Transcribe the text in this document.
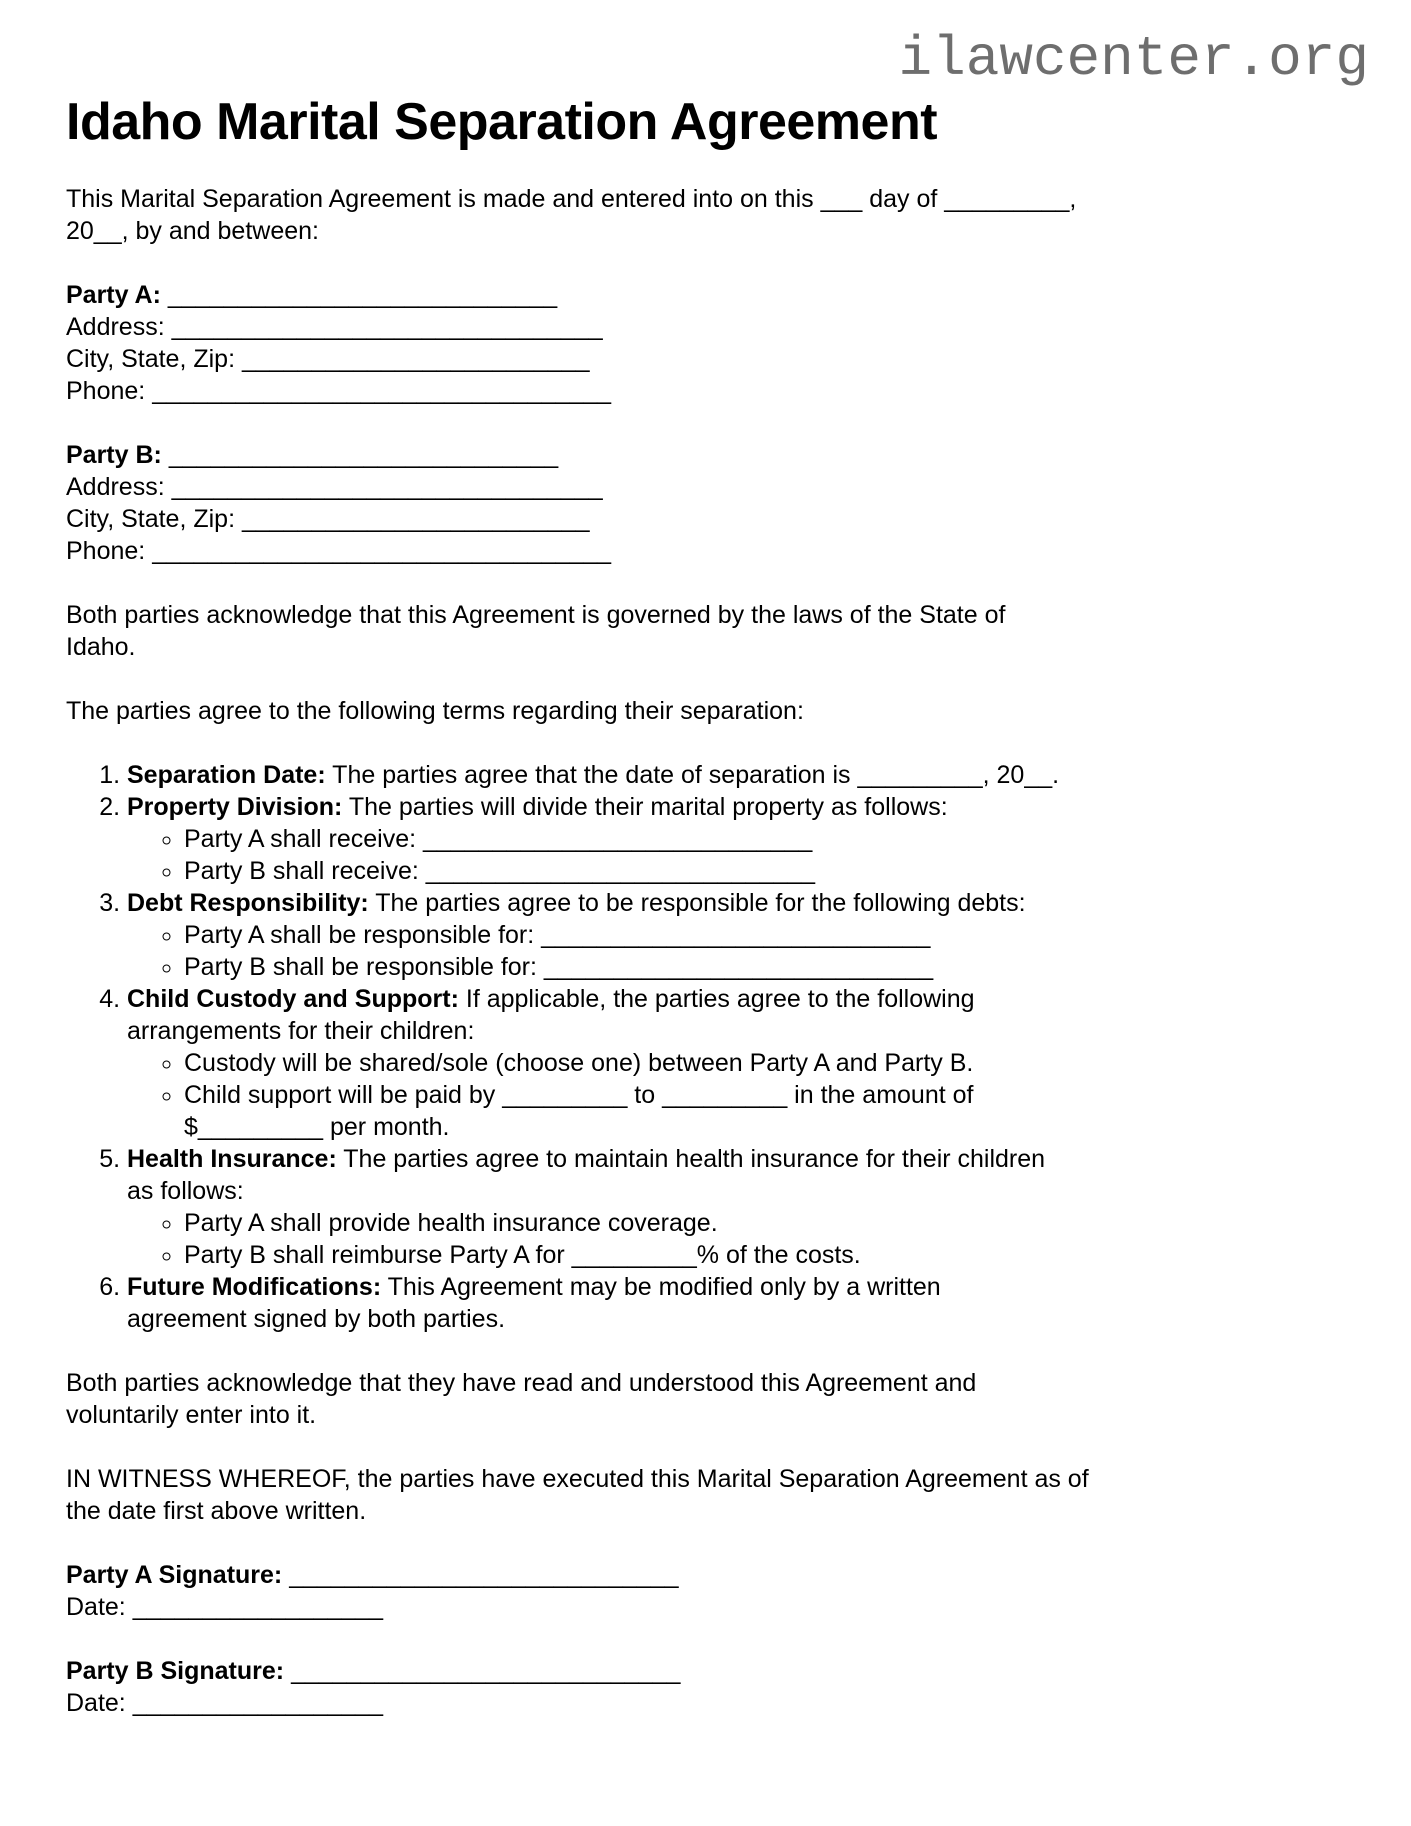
ilawcenter.org
Idaho Marital Separation Agreement

This Marital Separation Agreement is made and entered into on this ___ day of _________,
20__, by and between:

Party A: ____________________________
Address: _______________________________
City, State, Zip: _________________________
Phone: _________________________________
Party B: ____________________________
Address: _______________________________
City, State, Zip: _________________________
Phone: _________________________________

Both parties acknowledge that this Agreement is governed by the laws of the State of
Idaho.

The parties agree to the following terms regarding their separation:

1. Separation Date: The parties agree that the date of separation is _________, 20__.
2. Property Division: The parties will divide their marital property as follows:
◦ Party A shall receive: ____________________________
◦ Party B shall receive: ____________________________
3. Debt Responsibility: The parties agree to be responsible for the following debts:
◦ Party A shall be responsible for: ____________________________
◦ Party B shall be responsible for: ____________________________
4. Child Custody and Support: If applicable, the parties agree to the following
arrangements for their children:
◦ Custody will be shared/sole (choose one) between Party A and Party B.
◦ Child support will be paid by _________ to _________ in the amount of
$_________ per month.
5. Health Insurance: The parties agree to maintain health insurance for their children
as follows:
◦ Party A shall provide health insurance coverage.
◦ Party B shall reimburse Party A for _________% of the costs.
6. Future Modifications: This Agreement may be modified only by a written
agreement signed by both parties.

Both parties acknowledge that they have read and understood this Agreement and
voluntarily enter into it.

IN WITNESS WHEREOF, the parties have executed this Marital Separation Agreement as of
the date first above written.

Party A Signature: ____________________________
Date: __________________
Party B Signature: ____________________________
Date: __________________
